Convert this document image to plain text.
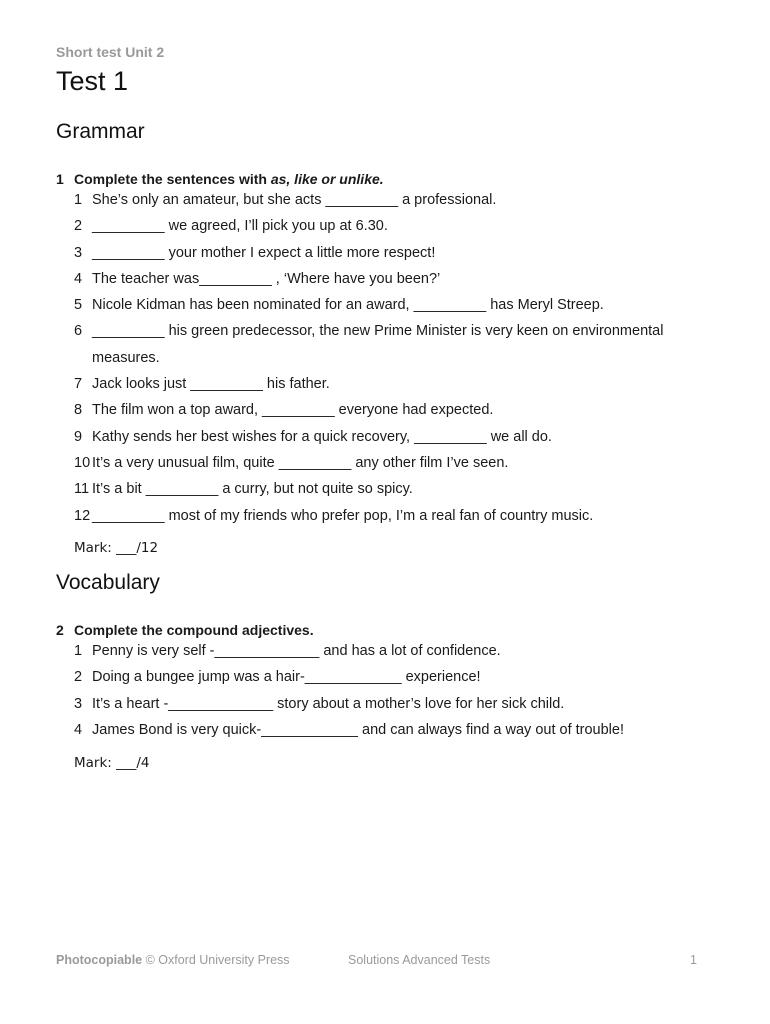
Short test Unit 2
Test 1
Grammar
1 Complete the sentences with as, like or unlike.
1 She’s only an amateur, but she acts _________ a professional.
2 _________ we agreed, I’ll pick you up at 6.30.
3 _________ your mother I expect a little more respect!
4 The teacher was_________ , ‘Where have you been?’
5 Nicole Kidman has been nominated for an award, _________ has Meryl Streep.
6 _________ his green predecessor, the new Prime Minister is very keen on environmental measures.
7 Jack looks just _________ his father.
8 The film won a top award, _________ everyone had expected.
9 Kathy sends her best wishes for a quick recovery, _________ we all do.
10 It’s a very unusual film, quite _________ any other film I’ve seen.
11 It’s a bit _________ a curry, but not quite so spicy.
12 _________ most of my friends who prefer pop, I’m a real fan of country music.
Mark: ___/12
Vocabulary
2 Complete the compound adjectives.
1 Penny is very self -_____________ and has a lot of confidence.
2 Doing a bungee jump was a hair-____________ experience!
3 It’s a heart -_____________ story about a mother’s love for her sick child.
4 James Bond is very quick-____________ and can always find a way out of trouble!
Mark: ___/4
Photocopiable © Oxford University Press	Solutions Advanced Tests	1
